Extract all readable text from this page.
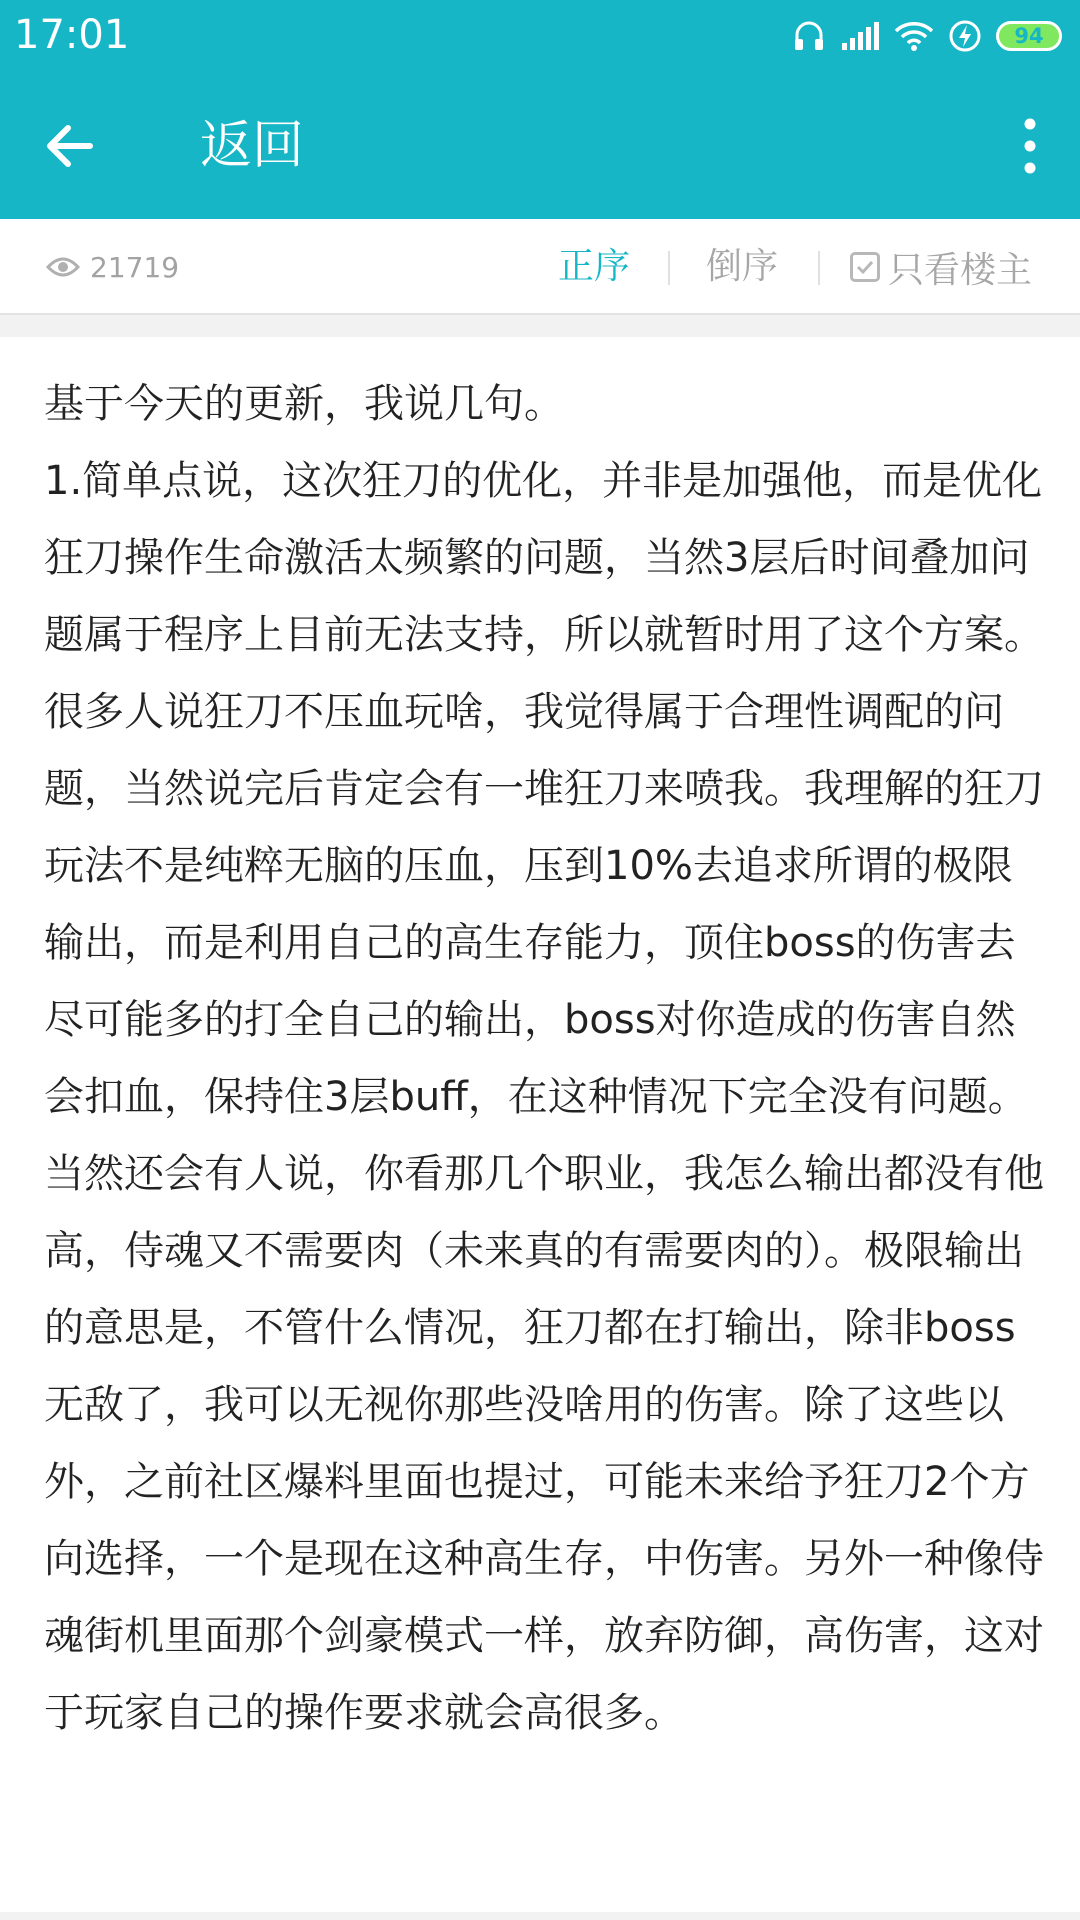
17:01	94
返回
21719	正序 倒序	只看楼主

基于今天的更新，我说几句。

1.简单点说，这次狂刀的优化，并非是加强他，而是优化狂刀操作生命激活太频繁的问题，当然3层后时间叠加问题属于程序上目前无法支持，所以就暂时用了这个方案。很多人说狂刀不压血玩啥，我觉得属于合理性调配的问题，当然说完后肯定会有一堆狂刀来喷我。我理解的狂刀玩法不是纯粹无脑的压血，压到10%去追求所谓的极限输出，而是利用自己的高生存能力，顶住boss的伤害去尽可能多的打全自己的输出，boss对你造成的伤害自然会扣血，保持住3层buff，在这种情况下完全没有问题。当然还会有人说，你看那几个职业，我怎么输出都没有他高，侍魂又不需要肉（未来真的有需要肉的）。极限输出的意思是，不管什么情况，狂刀都在打输出，除非boss无敌了，我可以无视你那些没啥用的伤害。除了这些以外，之前社区爆料里面也提过，可能未来给予狂刀2个方向选择，一个是现在这种高生存，中伤害。另外一种像侍魂街机里面那个剑豪模式一样，放弃防御，高伤害，这对于玩家自己的操作要求就会高很多。
